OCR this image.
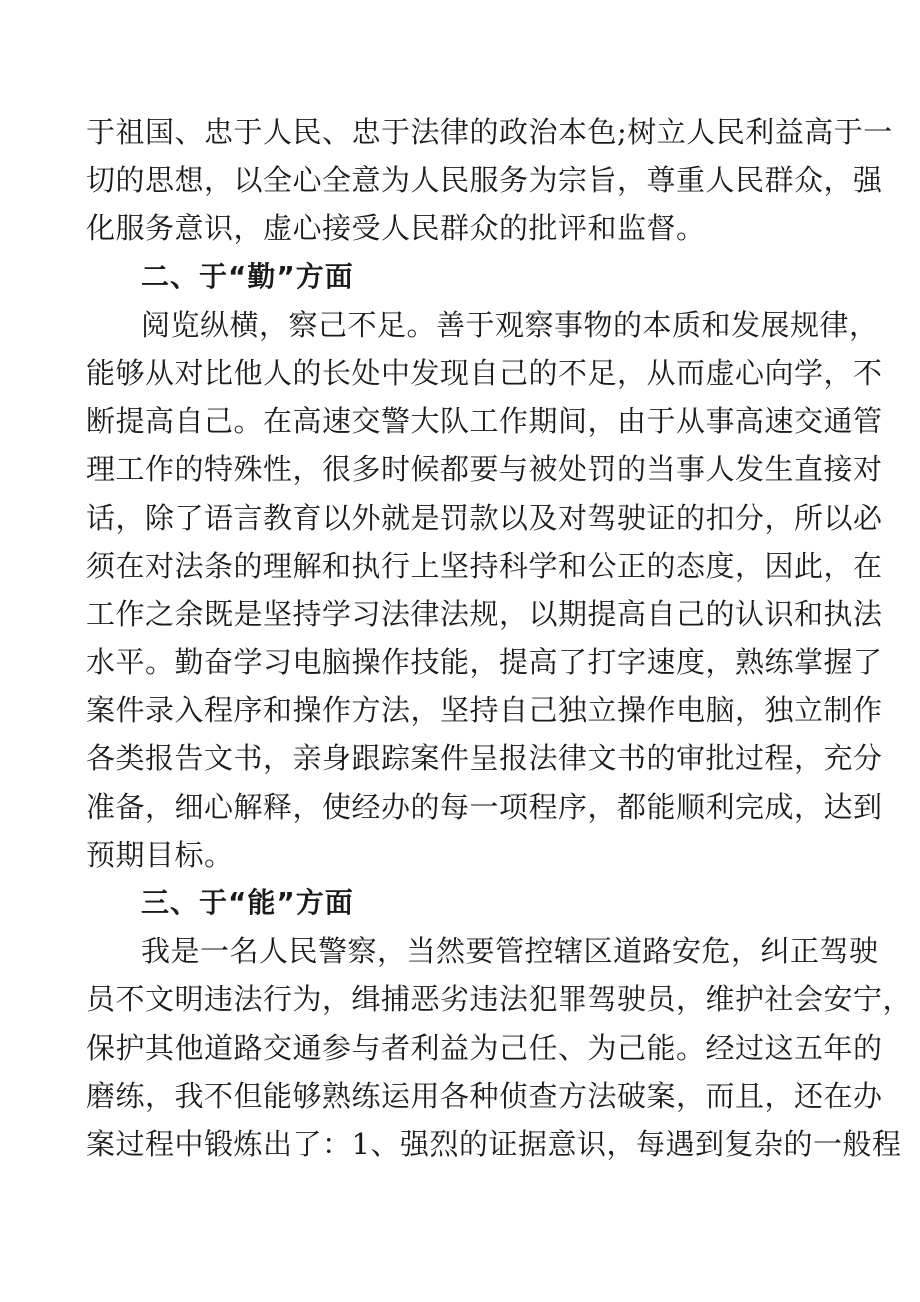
于祖国、忠于人民、忠于法律的政治本色;树立人民利益高于一
切的思想，以全心全意为人民服务为宗旨，尊重人民群众，强
化服务意识，虚心接受人民群众的批评和监督。
二、于“勤”方面
阅览纵横，察己不足。善于观察事物的本质和发展规律，
能够从对比他人的长处中发现自己的不足，从而虚心向学，不
断提高自己。在高速交警大队工作期间，由于从事高速交通管
理工作的特殊性，很多时候都要与被处罚的当事人发生直接对
话，除了语言教育以外就是罚款以及对驾驶证的扣分，所以必
须在对法条的理解和执行上坚持科学和公正的态度，因此，在
工作之余既是坚持学习法律法规，以期提高自己的认识和执法
水平。勤奋学习电脑操作技能，提高了打字速度，熟练掌握了
案件录入程序和操作方法，坚持自己独立操作电脑，独立制作
各类报告文书，亲身跟踪案件呈报法律文书的审批过程，充分
准备，细心解释，使经办的每一项程序，都能顺利完成，达到
预期目标。
三、于“能”方面
我是一名人民警察，当然要管控辖区道路安危，纠正驾驶
员不文明违法行为，缉捕恶劣违法犯罪驾驶员，维护社会安宁，
保护其他道路交通参与者利益为己任、为己能。经过这五年的
磨练，我不但能够熟练运用各种侦查方法破案，而且，还在办
案过程中锻炼出了：1、强烈的证据意识，每遇到复杂的一般程
